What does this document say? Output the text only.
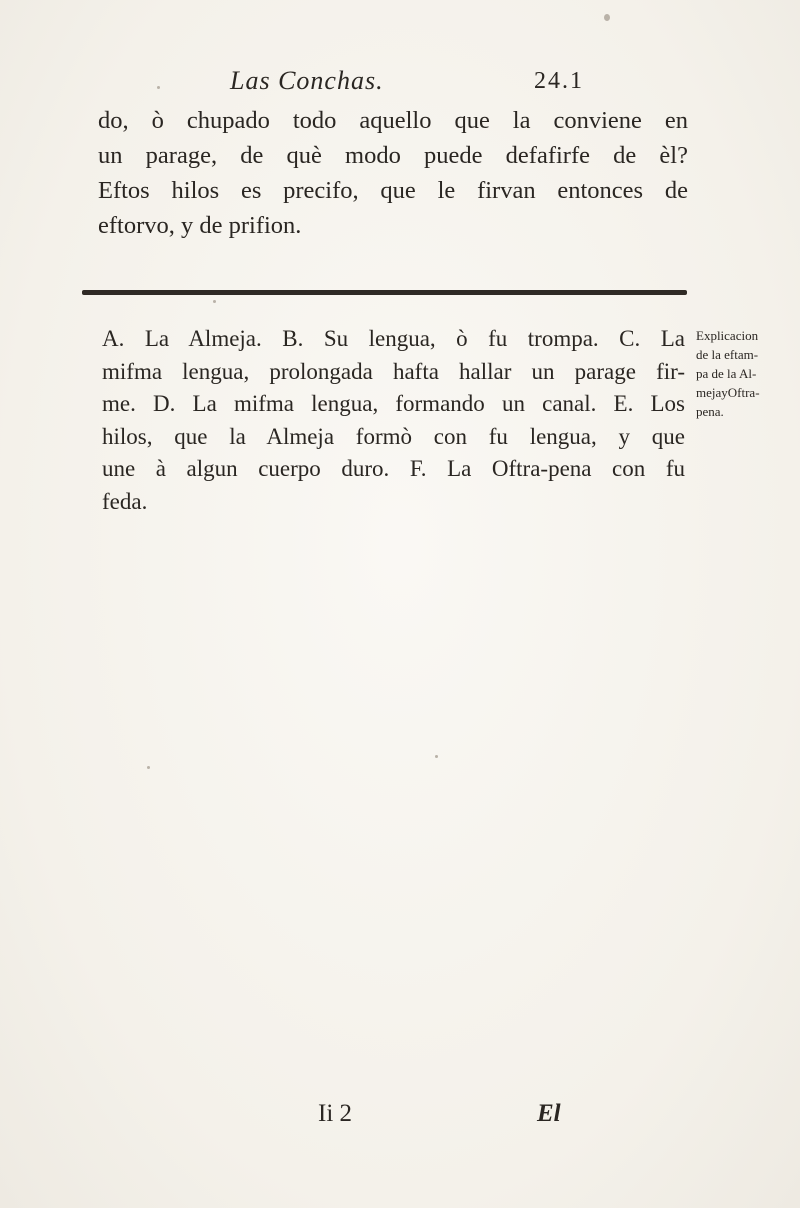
Las Conchas.	24.1
do, ò chupado todo aquello que la conviene en
un parage, de què modo puede defafirfe de èl?
Eftos hilos es precifo, que le firvan entonces de
eftorvo, y de prifion.
A. La Almeja. B. Su lengua, ò fu trompa. C. La
mifma lengua, prolongada hafta hallar un parage fir-
me. D. La mifma lengua, formando un canal. E. Los
hilos, que la Almeja formò con fu lengua, y que
une à algun cuerpo duro. F. La Oftra-pena con fu
feda.
Explicacion
de la eftam-
pa de la Al-
mejayOftra-
pena.
Ii 2	El
